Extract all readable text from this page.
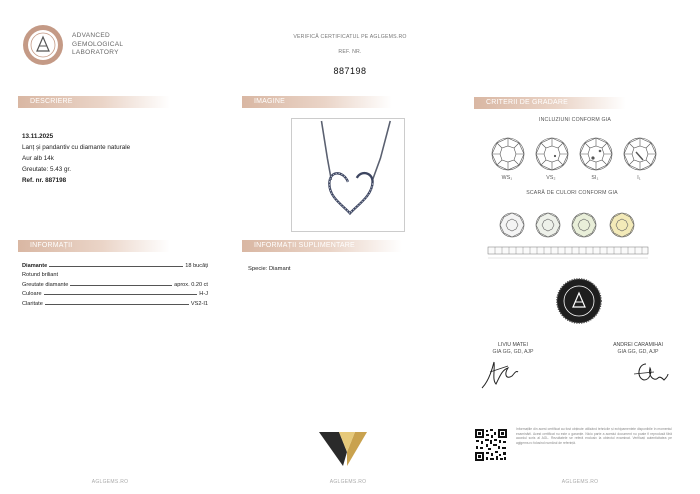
ADVANCED
GEMOLOGICAL
LABORATORY
VERIFICĂ CERTIFICATUL PE AGLGEMS.RO
REF. NR.
887198
DESCRIERE	IMAGINE	CRITERII DE GRADARE
INFORMAȚII	INFORMAȚII SUPLIMENTARE
13.11.2025
Lanț și pandantiv cu diamante naturale
Aur alb 14k
Greutate: 5.43 gr.
Ref. nr. 887198
INCLUZIUNI CONFORM GIA
WS₁	VS₂	SI₁	I₁
SCARĂ DE CULORI CONFORM GIA
Diamante	18 bucăți
Rotund briliant
Greutate diamante	aprox. 0.20 ct
Culoare	H-J
Claritate	VS2-I1
Specie: Diamant
LIVIU MATEI
GIA GG, GD, AJP
ANDREI CARAMIHAI
GIA GG, GD, AJP
Informațiile din acest certificat au fost obținute utilizând tehnicile și echipamentele disponibile în momentul examinării. Acest certificat nu este o garanție. Nicio parte a acestui document nu poate fi reprodusă fără acordul scris al AGL. Rezultatele se referă exclusiv la obiectul examinat. Verificați autenticitatea pe aglgems.ro folosind numărul de referință.
AGLGEMS.RO	AGLGEMS.RO	AGLGEMS.RO
